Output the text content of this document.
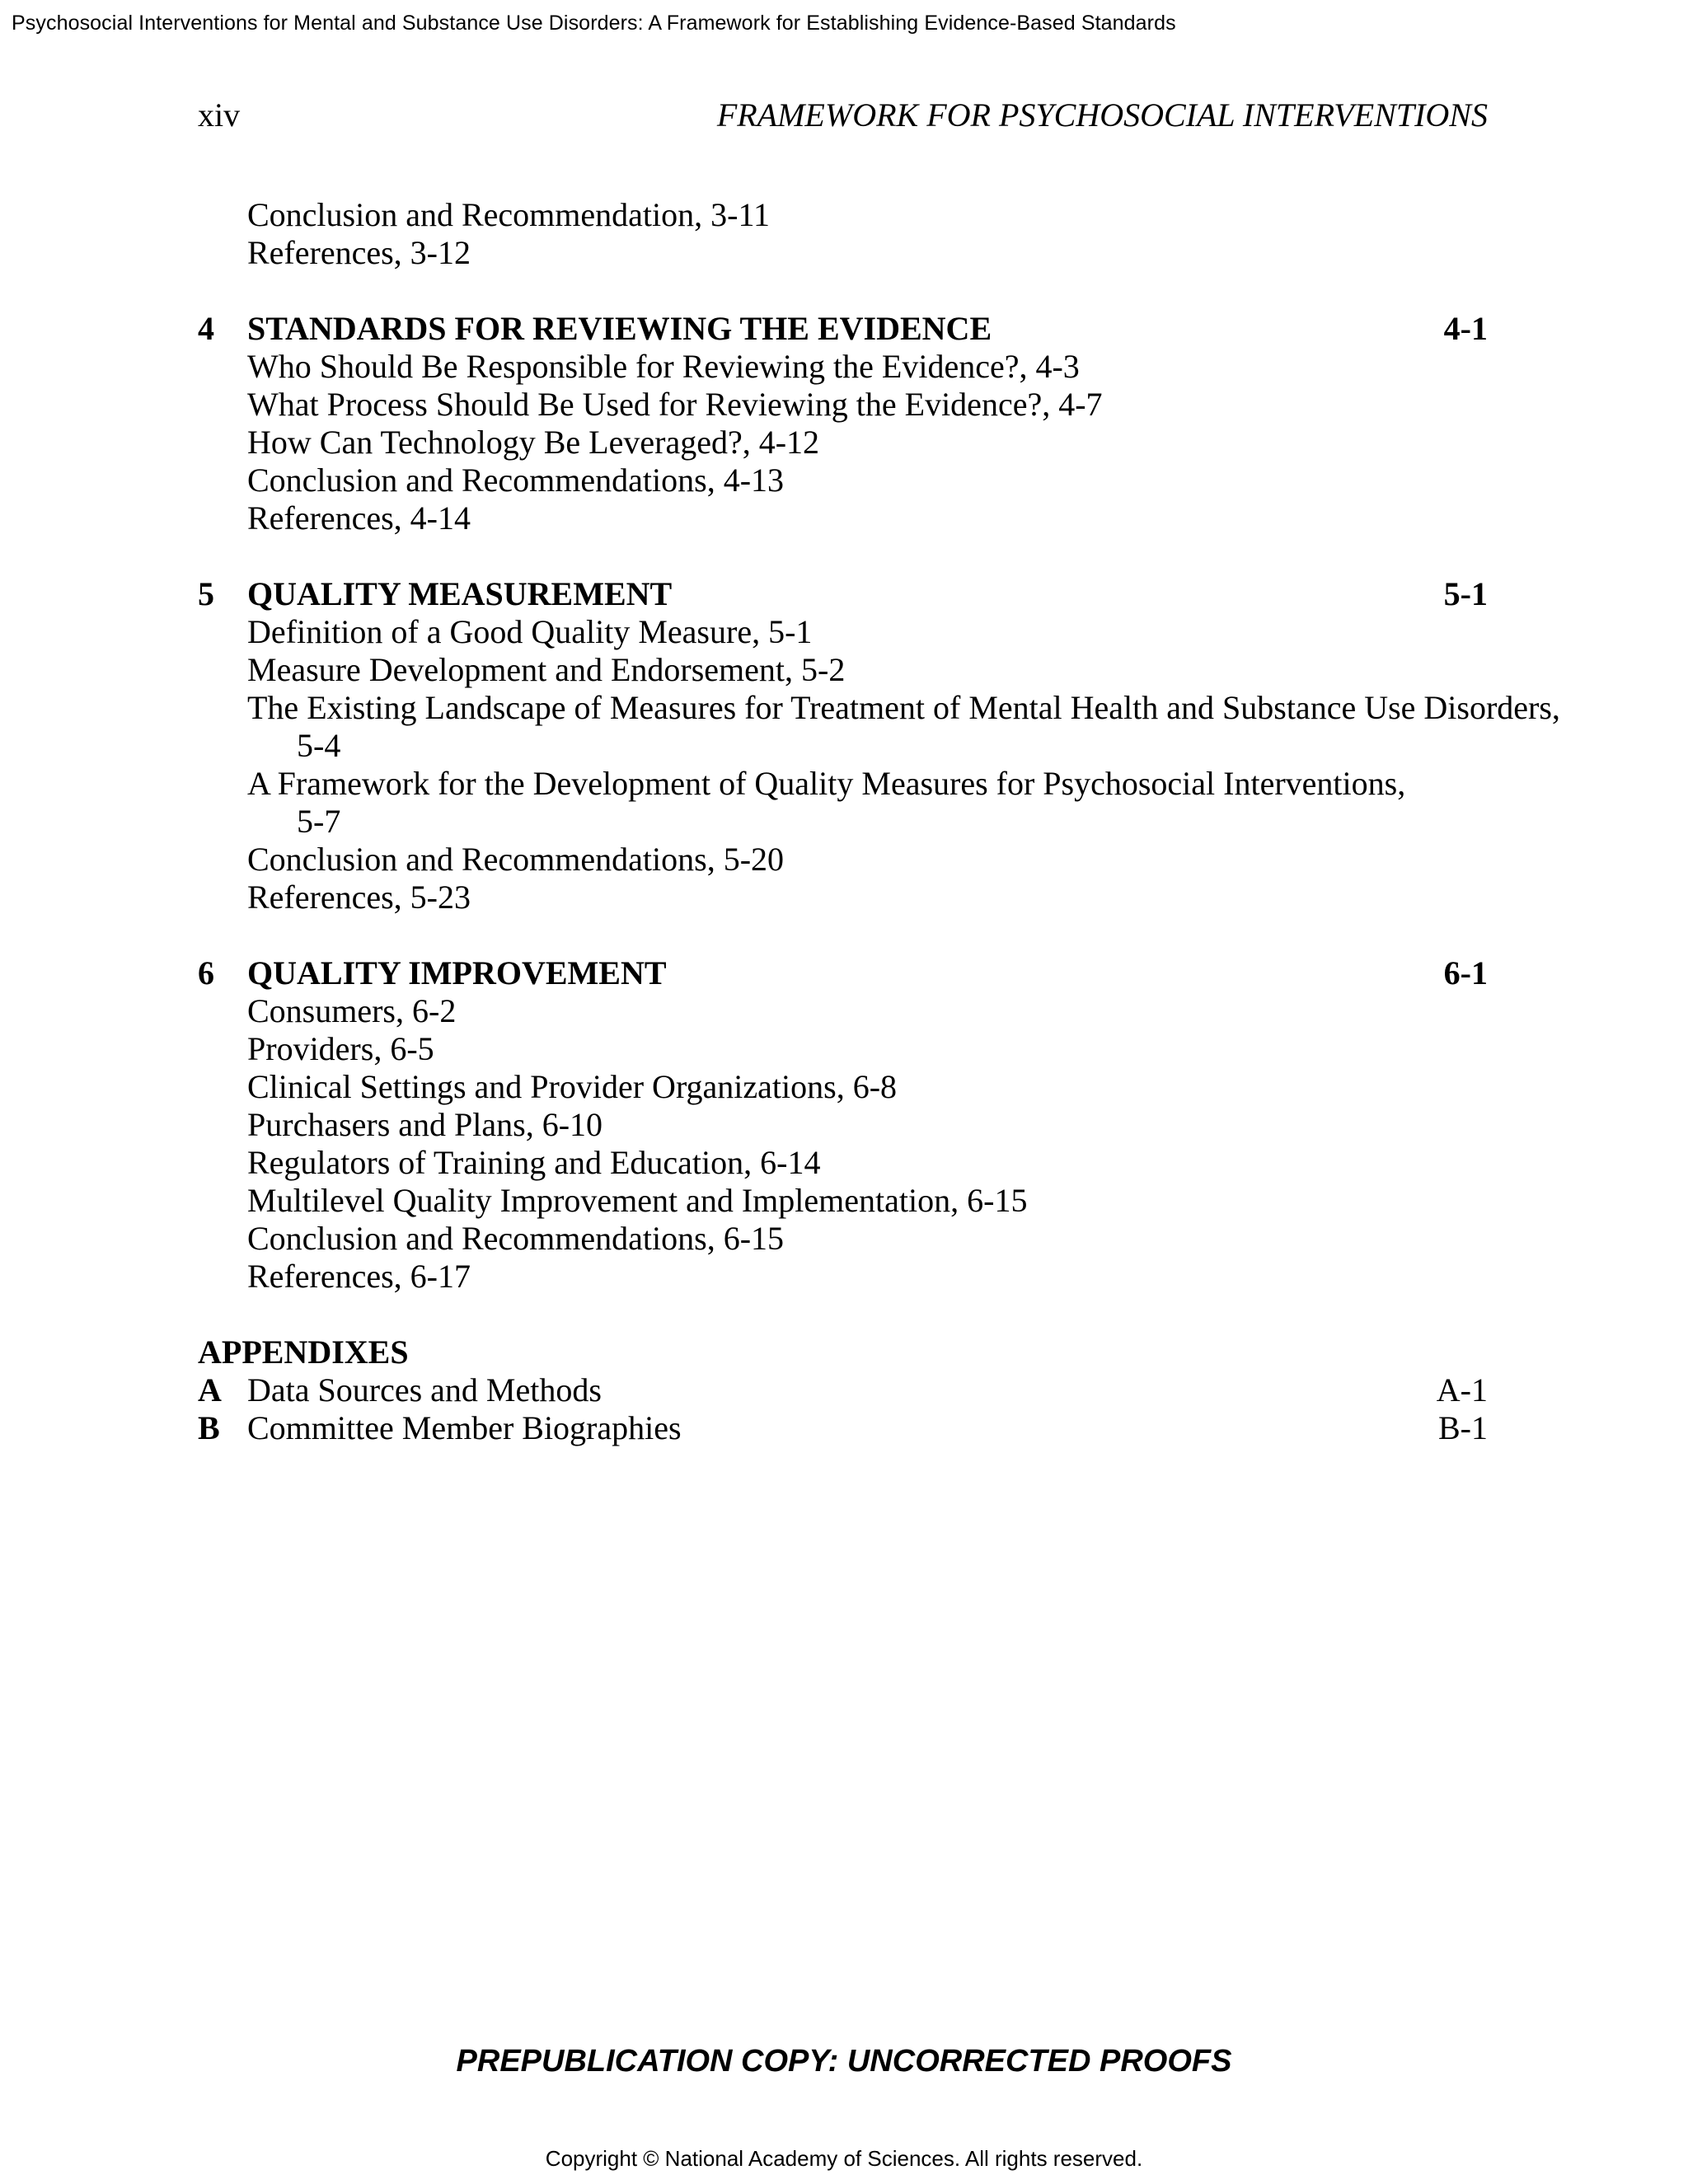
Psychosocial Interventions for Mental and Substance Use Disorders: A Framework for Establishing Evidence-Based Standards
xiv	FRAMEWORK FOR PSYCHOSOCIAL INTERVENTIONS
Conclusion and Recommendation, 3-11
References, 3-12
4 STANDARDS FOR REVIEWING THE EVIDENCE	4-1
Who Should Be Responsible for Reviewing the Evidence?, 4-3
What Process Should Be Used for Reviewing the Evidence?, 4-7
How Can Technology Be Leveraged?, 4-12
Conclusion and Recommendations, 4-13
References, 4-14
5 QUALITY MEASUREMENT	5-1
Definition of a Good Quality Measure, 5-1
Measure Development and Endorsement, 5-2
The Existing Landscape of Measures for Treatment of Mental Health and Substance Use Disorders, 5-4
A Framework for the Development of Quality Measures for Psychosocial Interventions, 5-7
Conclusion and Recommendations, 5-20
References, 5-23
6 QUALITY IMPROVEMENT	6-1
Consumers, 6-2
Providers, 6-5
Clinical Settings and Provider Organizations, 6-8
Purchasers and Plans, 6-10
Regulators of Training and Education, 6-14
Multilevel Quality Improvement and Implementation, 6-15
Conclusion and Recommendations, 6-15
References, 6-17
APPENDIXES
A Data Sources and Methods	A-1
B Committee Member Biographies	B-1
PREPUBLICATION COPY: UNCORRECTED PROOFS
Copyright © National Academy of Sciences. All rights reserved.
